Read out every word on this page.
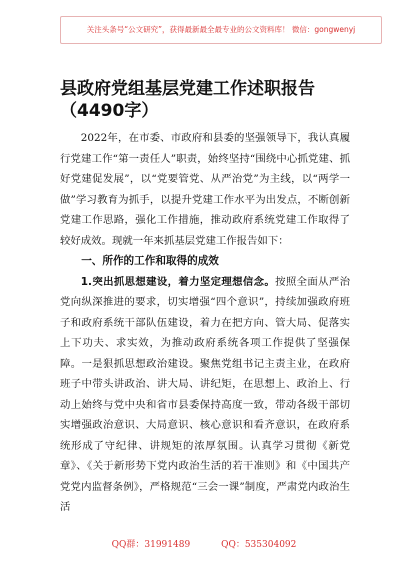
关注头条号“公文研究”，获得最新最全最专业的公文资料库！ 微信：gongwenyj
县政府党组基层党建工作述职报告（4490字）

2022年，在市委、市政府和县委的坚强领导下，我认真履行党建工作“第一责任人”职责，始终坚持“围绕中心抓党建、抓好党建促发展”，以“党要管党、从严治党”为主线，以“两学一做”学习教育为抓手，以提升党建工作水平为出发点，不断创新党建工作思路，强化工作措施，推动政府系统党建工作取得了较好成效。现就一年来抓基层党建工作报告如下：

一、所作的工作和取得的成效

1.突出抓思想建设，着力坚定理想信念。按照全面从严治党向纵深推进的要求，切实增强“四个意识”，持续加强政府班子和政府系统干部队伍建设，着力在把方向、管大局、促落实上下功夫、求实效，为推动政府系统各项工作提供了坚强保障。一是狠抓思想政治建设。聚焦党组书记主责主业，在政府班子中带头讲政治、讲大局、讲纪矩，在思想上、政治上、行动上始终与党中央和省市县委保持高度一致，带动各级干部切实增强政治意识、大局意识、核心意识和看齐意识，在政府系统形成了守纪律、讲规矩的浓厚氛围。认真学习贯彻《新党章》、《关于新形势下党内政治生活的若干准则》和《中国共产党党内监督条例》，严格规范“三会一课”制度，严肃党内政治生活

QQ群：31991489	QQ：535304092
